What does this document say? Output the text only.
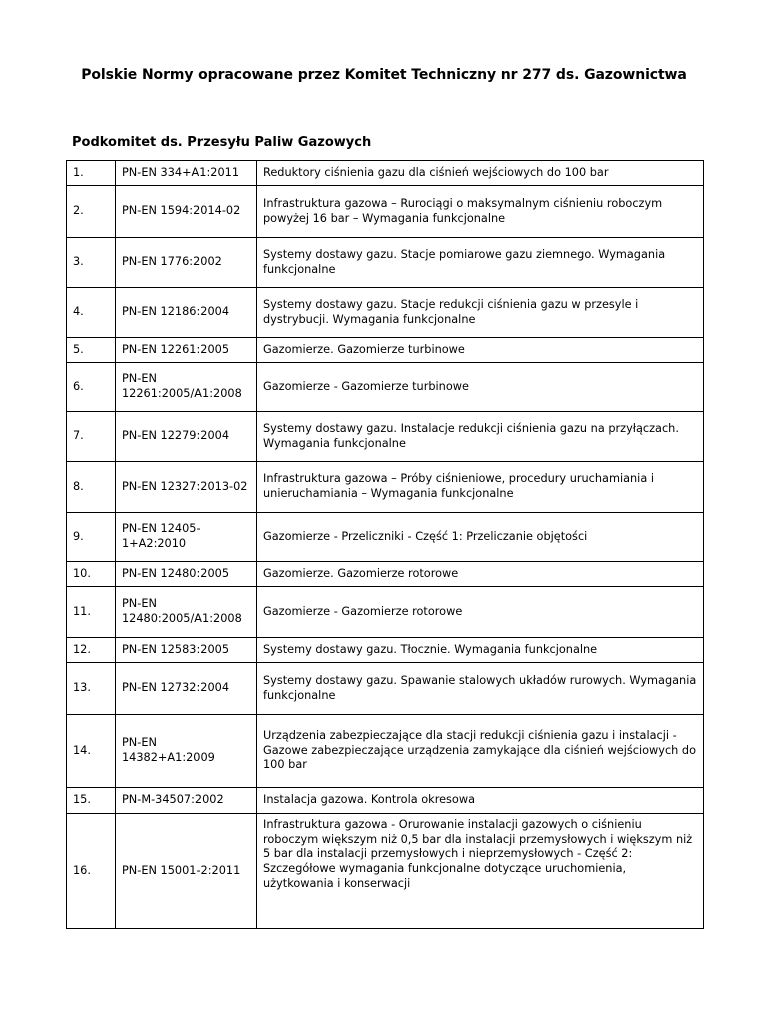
Polskie Normy opracowane przez Komitet Techniczny nr 277 ds. Gazownictwa
Podkomitet ds. Przesyłu Paliw Gazowych
1.	PN-EN 334+A1:2011	Reduktory ciśnienia gazu dla ciśnień wejściowych do 100 bar
2.	PN-EN 1594:2014-02	Infrastruktura gazowa – Rurociągi o maksymalnym ciśnieniu roboczym powyżej 16 bar – Wymagania funkcjonalne
3.	PN-EN 1776:2002	Systemy dostawy gazu. Stacje pomiarowe gazu ziemnego. Wymagania funkcjonalne
4.	PN-EN 12186:2004	Systemy dostawy gazu. Stacje redukcji ciśnienia gazu w przesyle i dystrybucji. Wymagania funkcjonalne
5.	PN-EN 12261:2005	Gazomierze. Gazomierze turbinowe
6.	PN-EN 12261:2005/A1:2008	Gazomierze - Gazomierze turbinowe
7.	PN-EN 12279:2004	Systemy dostawy gazu. Instalacje redukcji ciśnienia gazu na przyłączach. Wymagania funkcjonalne
8.	PN-EN 12327:2013-02	Infrastruktura gazowa – Próby ciśnieniowe, procedury uruchamiania i unieruchamiania – Wymagania funkcjonalne
9.	PN-EN 12405-1+A2:2010	Gazomierze - Przeliczniki - Część 1: Przeliczanie objętości
10.	PN-EN 12480:2005	Gazomierze. Gazomierze rotorowe
11.	PN-EN 12480:2005/A1:2008	Gazomierze - Gazomierze rotorowe
12.	PN-EN 12583:2005	Systemy dostawy gazu. Tłocznie. Wymagania funkcjonalne
13.	PN-EN 12732:2004	Systemy dostawy gazu. Spawanie stalowych układów rurowych. Wymagania funkcjonalne
14.	PN-EN 14382+A1:2009	Urządzenia zabezpieczające dla stacji redukcji ciśnienia gazu i instalacji - Gazowe zabezpieczające urządzenia zamykające dla ciśnień wejściowych do 100 bar
15.	PN-M-34507:2002	Instalacja gazowa. Kontrola okresowa
16.	PN-EN 15001-2:2011	Infrastruktura gazowa - Orurowanie instalacji gazowych o ciśnieniu roboczym większym niż 0,5 bar dla instalacji przemysłowych i większym niż 5 bar dla instalacji przemysłowych i nieprzemysłowych - Część 2: Szczegółowe wymagania funkcjonalne dotyczące uruchomienia, użytkowania i konserwacji
